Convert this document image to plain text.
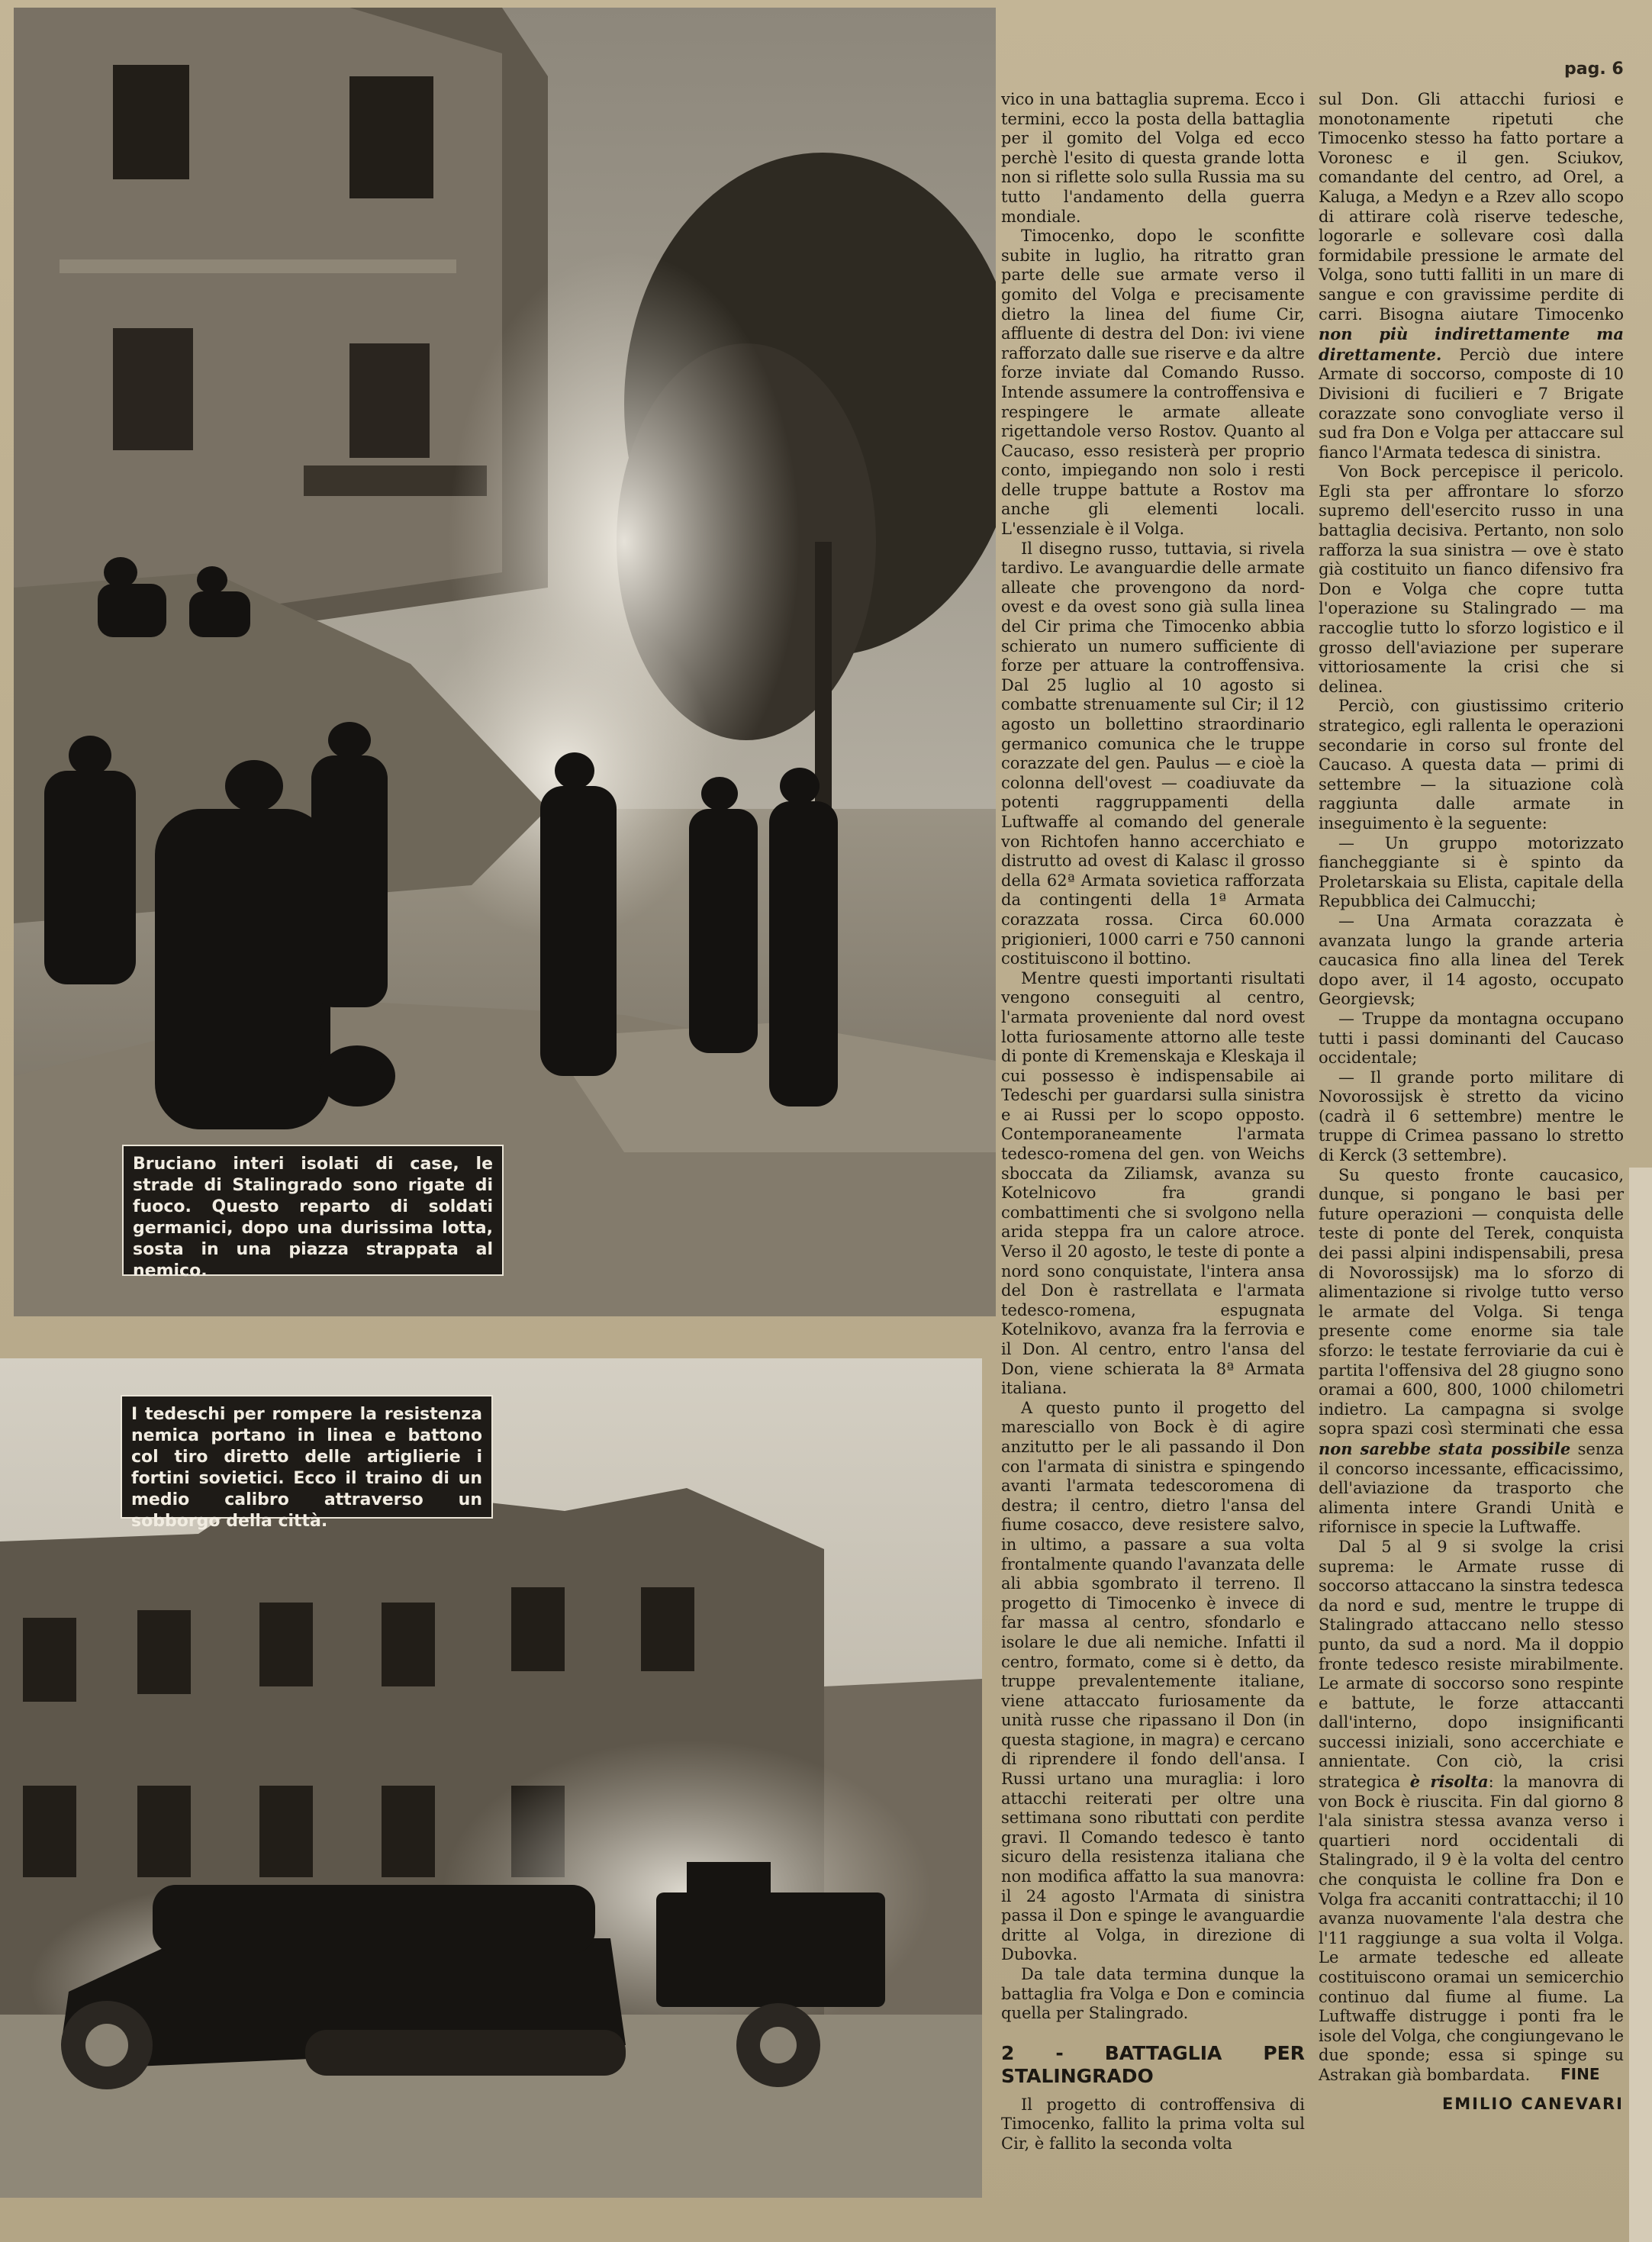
Bruciano interi isolati di case, le strade di Stalingrado sono rigate di fuoco. Questo reparto di soldati germanici, dopo una durissima lotta, sosta in una piazza strappata al nemico.
I tedeschi per rompere la resistenza nemica portano in linea e battono col tiro diretto delle artiglierie i fortini sovietici. Ecco il traino di un medio calibro attraverso un sobborgo della città.
pag. 6

vico in una battaglia suprema. Ecco i termini, ecco la posta della battaglia per il gomito del Volga ed ecco perchè l'esito di questa grande lotta non si riflette solo sulla Russia ma su tutto l'andamento della guerra mondiale.

Timocenko, dopo le sconfitte subite in luglio, ha ritratto gran parte delle sue armate verso il gomito del Volga e precisamente dietro la linea del fiume Cir, affluente di destra del Don: ivi viene rafforzato dalle sue riserve e da altre forze inviate dal Comando Russo. Intende assumere la controffensiva e respingere le armate alleate rigettandole verso Rostov. Quanto al Caucaso, esso resisterà per proprio conto, impiegando non solo i resti delle truppe battute a Rostov ma anche gli elementi locali. L'essenziale è il Volga.

Il disegno russo, tuttavia, si rivela tardivo. Le avanguardie delle armate alleate che provengono da nord-ovest e da ovest sono già sulla linea del Cir prima che Timocenko abbia schierato un numero sufficiente di forze per attuare la controffensiva. Dal 25 luglio al 10 agosto si combatte strenuamente sul Cir; il 12 agosto un bollettino straordinario germanico comunica che le truppe corazzate del gen. Paulus — e cioè la colonna dell'ovest — coadiuvate da potenti raggruppamenti della Luftwaffe al comando del generale von Richtofen hanno accerchiato e distrutto ad ovest di Kalasc il grosso della 62ª Armata sovietica rafforzata da contingenti della 1ª Armata corazzata rossa. Circa 60.000 prigionieri, 1000 carri e 750 cannoni costituiscono il bottino.

Mentre questi importanti risultati vengono conseguiti al centro, l'armata proveniente dal nord ovest lotta furiosamente attorno alle teste di ponte di Kremenskaja e Kleskaja il cui possesso è indispensabile ai Tedeschi per guardarsi sulla sinistra e ai Russi per lo scopo opposto. Contemporaneamente l'armata tedesco-romena del gen. von Weichs sboccata da Ziliamsk, avanza su Kotelnicovo fra grandi combattimenti che si svolgono nella arida steppa fra un calore atroce. Verso il 20 agosto, le teste di ponte a nord sono conquistate, l'intera ansa del Don è rastrellata e l'armata tedesco-romena, espugnata Kotelnikovo, avanza fra la ferrovia e il Don. Al centro, entro l'ansa del Don, viene schierata la 8ª Armata italiana.

A questo punto il progetto del maresciallo von Bock è di agire anzitutto per le ali passando il Don con l'armata di sinistra e spingendo avanti l'armata tedescoromena di destra; il centro, dietro l'ansa del fiume cosacco, deve resistere salvo, in ultimo, a passare a sua volta frontalmente quando l'avanzata delle ali abbia sgombrato il terreno. Il progetto di Timocenko è invece di far massa al centro, sfondarlo e isolare le due ali nemiche. Infatti il centro, formato, come si è detto, da truppe prevalentemente italiane, viene attaccato furiosamente da unità russe che ripassano il Don (in questa stagione, in magra) e cercano di riprendere il fondo dell'ansa. I Russi urtano una muraglia: i loro attacchi reiterati per oltre una settimana sono ributtati con perdite gravi. Il Comando tedesco è tanto sicuro della resistenza italiana che non modifica affatto la sua manovra: il 24 agosto l'Armata di sinistra passa il Don e spinge le avanguardie dritte al Volga, in direzione di Dubovka.

Da tale data termina dunque la battaglia fra Volga e Don e comincia quella per Stalingrado.

2 - BATTAGLIA PER STALINGRADO

Il progetto di controffensiva di Timocenko, fallito la prima volta sul Cir, è fallito la seconda volta

sul Don. Gli attacchi furiosi e monotonamente ripetuti che Timocenko stesso ha fatto portare a Voronesc e il gen. Sciukov, comandante del centro, ad Orel, a Kaluga, a Medyn e a Rzev allo scopo di attirare colà riserve tedesche, logorarle e sollevare così dalla formidabile pressione le armate del Volga, sono tutti falliti in un mare di sangue e con gravissime perdite di carri. Bisogna aiutare Timocenko non più indirettamente ma direttamente. Perciò due intere Armate di soccorso, composte di 10 Divisioni di fucilieri e 7 Brigate corazzate sono convogliate verso il sud fra Don e Volga per attaccare sul fianco l'Armata tedesca di sinistra.

Von Bock percepisce il pericolo. Egli sta per affrontare lo sforzo supremo dell'esercito russo in una battaglia decisiva. Pertanto, non solo rafforza la sua sinistra — ove è stato già costituito un fianco difensivo fra Don e Volga che copre tutta l'operazione su Stalingrado — ma raccoglie tutto lo sforzo logistico e il grosso dell'aviazione per superare vittoriosamente la crisi che si delinea.

Perciò, con giustissimo criterio strategico, egli rallenta le operazioni secondarie in corso sul fronte del Caucaso. A questa data — primi di settembre — la situazione colà raggiunta dalle armate in inseguimento è la seguente:

— Un gruppo motorizzato fiancheggiante si è spinto da Proletarskaia su Elista, capitale della Repubblica dei Calmucchi;

— Una Armata corazzata è avanzata lungo la grande arteria caucasica fino alla linea del Terek dopo aver, il 14 agosto, occupato Georgievsk;

— Truppe da montagna occupano tutti i passi dominanti del Caucaso occidentale;

— Il grande porto militare di Novorossijsk è stretto da vicino (cadrà il 6 settembre) mentre le truppe di Crimea passano lo stretto di Kerck (3 settembre).

Su questo fronte caucasico, dunque, si pongano le basi per future operazioni — conquista delle teste di ponte del Terek, conquista dei passi alpini indispensabili, presa di Novorossijsk) ma lo sforzo di alimentazione si rivolge tutto verso le armate del Volga. Si tenga presente come enorme sia tale sforzo: le testate ferroviarie da cui è partita l'offensiva del 28 giugno sono oramai a 600, 800, 1000 chilometri indietro. La campagna si svolge sopra spazi così sterminati che essa non sarebbe stata possibile senza il concorso incessante, efficacissimo, dell'aviazione da trasporto che alimenta intere Grandi Unità e rifornisce in specie la Luftwaffe.

Dal 5 al 9 si svolge la crisi suprema: le Armate russe di soccorso attaccano la sinstra tedesca da nord e sud, mentre le truppe di Stalingrado attaccano nello stesso punto, da sud a nord. Ma il doppio fronte tedesco resiste mirabilmente. Le armate di soccorso sono respinte e battute, le forze attaccanti dall'interno, dopo insignificanti successi iniziali, sono accerchiate e annientate. Con ciò, la crisi strategica è risolta: la manovra di von Bock è riuscita. Fin dal giorno 8 l'ala sinistra stessa avanza verso i quartieri nord occidentali di Stalingrado, il 9 è la volta del centro che conquista le colline fra Don e Volga fra accaniti contrattacchi; il 10 avanza nuovamente l'ala destra che l'11 raggiunge a sua volta il Volga. Le armate tedesche ed alleate costituiscono oramai un semicerchio continuo dal fiume al fiume. La Luftwaffe distrugge i ponti fra le isole del Volga, che congiungevano le due sponde; essa si spinge su Astrakan già bombardata.

EMILIO CANEVARI
FINE
